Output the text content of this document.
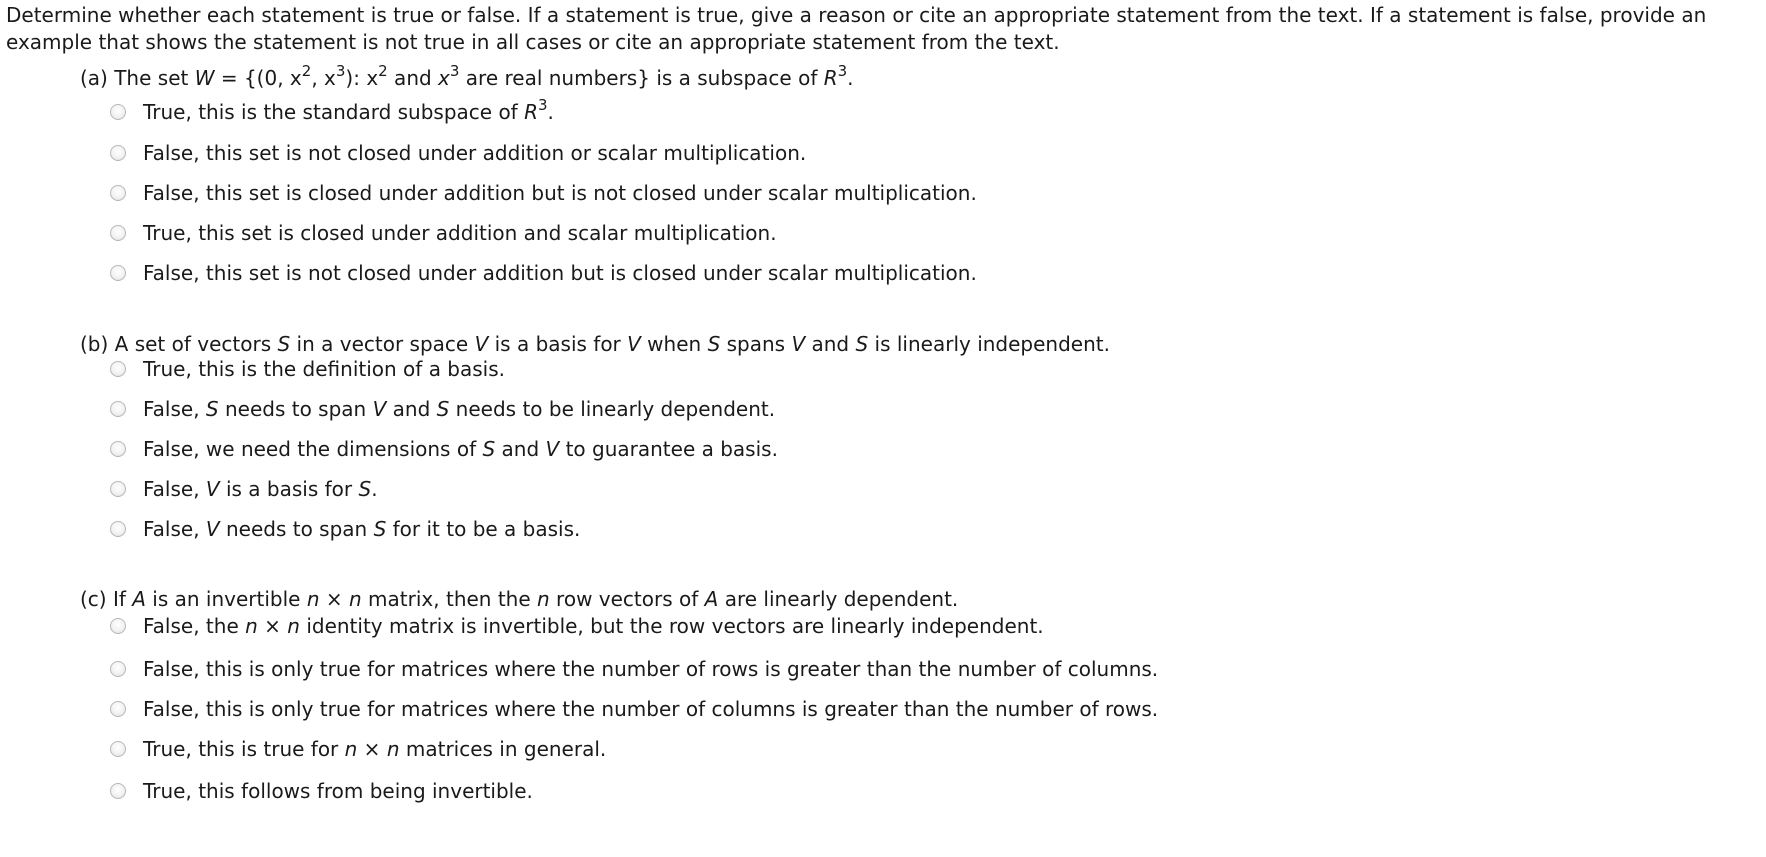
Determine whether each statement is true or false. If a statement is true, give a reason or cite an appropriate statement from the text. If a statement is false, provide an example that shows the statement is not true in all cases or cite an appropriate statement from the text.

(a) The set W = {(0, $x^2$, $x^3$): $x^2$ and $x^3$ are real numbers} is a subspace of $R^3$.
True, this is the standard subspace of $R^3$.
False, this set is not closed under addition or scalar multiplication.
False, this set is closed under addition but is not closed under scalar multiplication.
True, this set is closed under addition and scalar multiplication.
False, this set is not closed under addition but is closed under scalar multiplication.
(b) A set of vectors S in a vector space V is a basis for V when S spans V and S is linearly independent.
True, this is the definition of a basis.
False, S needs to span V and S needs to be linearly dependent.
False, we need the dimensions of S and V to guarantee a basis.
False, V is a basis for S.
False, V needs to span S for it to be a basis.
(c) If A is an invertible n × n matrix, then the n row vectors of A are linearly dependent.
False, the n × n identity matrix is invertible, but the row vectors are linearly independent.
False, this is only true for matrices where the number of rows is greater than the number of columns.
False, this is only true for matrices where the number of columns is greater than the number of rows.
True, this is true for n × n matrices in general.
True, this follows from being invertible.
